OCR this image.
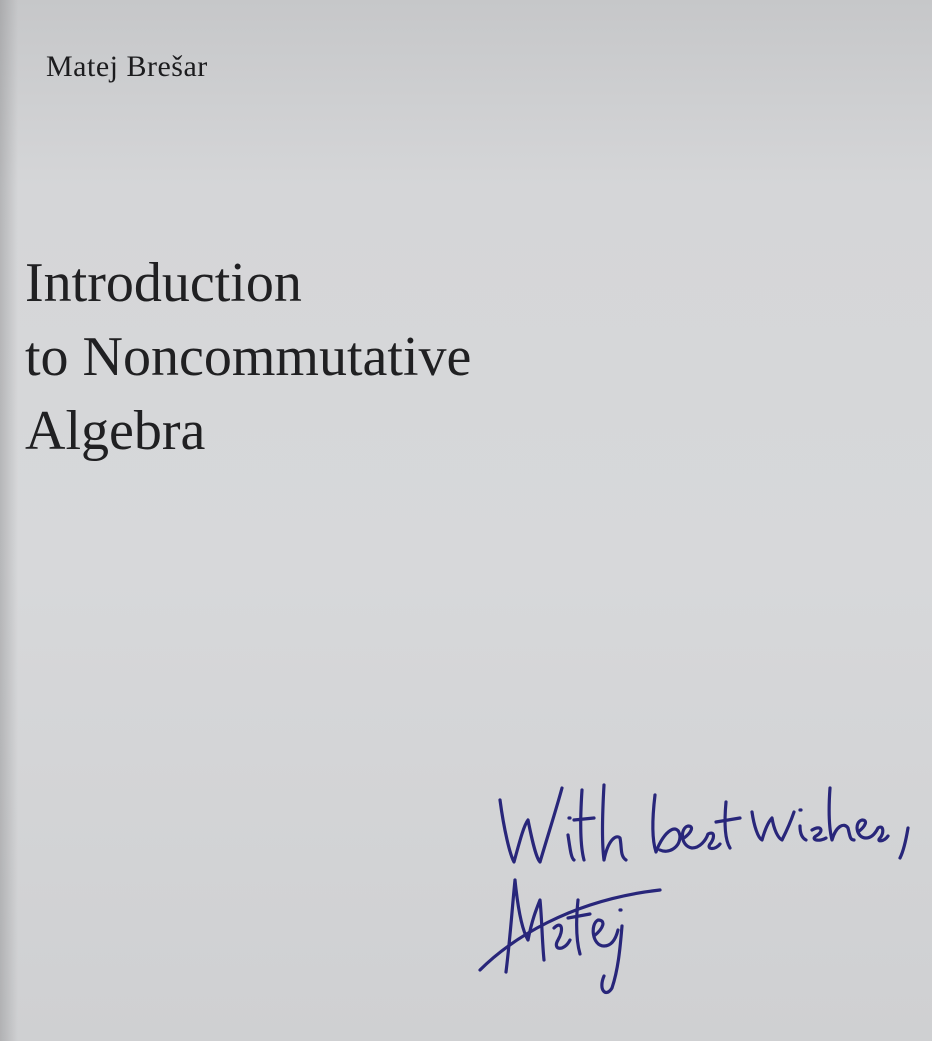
Matej Brešar
Introduction
to Noncommutative
Algebra
